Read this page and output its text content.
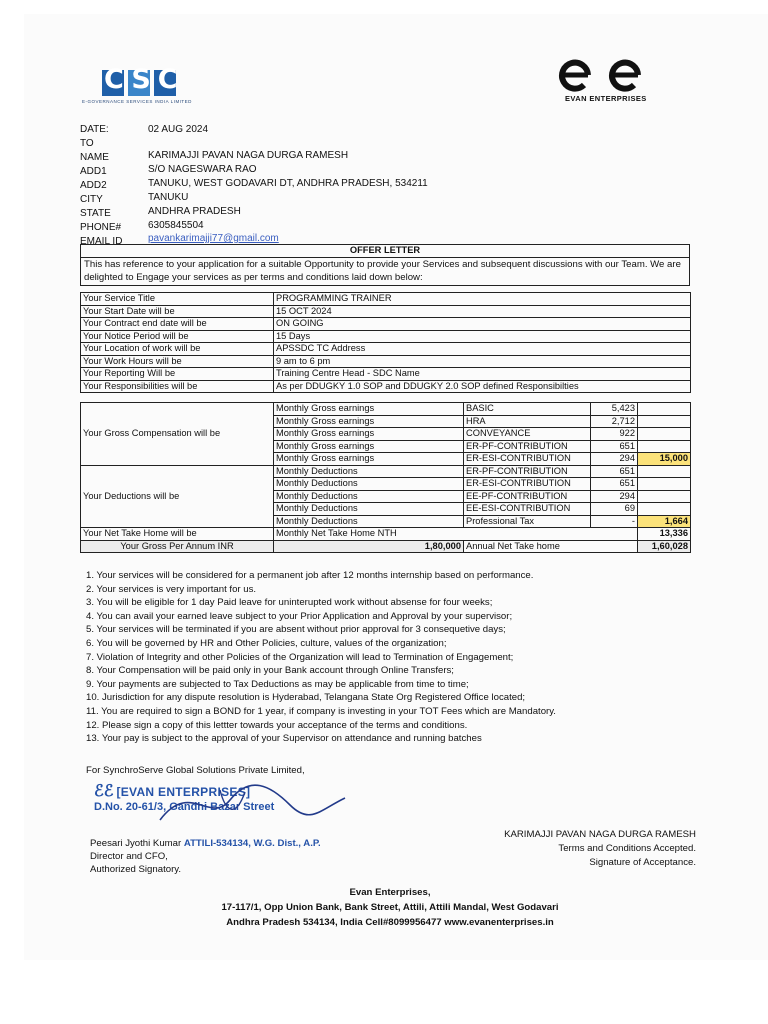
CSC
E-GOVERNANCE SERVICES INDIA LIMITED	EVAN ENTERPRISES
DATE:	02 AUG 2024
TO
NAME	KARIMAJJI PAVAN NAGA DURGA RAMESH
ADD1	S/O NAGESWARA RAO
ADD2	TANUKU, WEST GODAVARI DT, ANDHRA PRADESH, 534211
CITY	TANUKU
STATE	ANDHRA PRADESH
PHONE#	6305845504
EMAIL ID	pavankarimajji77@gmail.com
OFFER LETTER
This has reference to your application for a suitable Opportunity to provide your Services and subsequent discussions with our Team. We are delighted to Engage your services as per terms and conditions laid down below:
Your Service Title	PROGRAMMING TRAINER
Your Start Date will be	15 OCT 2024
Your Contract end date will be	ON GOING
Your Notice Period will be	15 Days
Your Location of work will be	APSSDC TC Address
Your Work Hours will be	9 am to 6 pm
Your Reporting Will be	Training Centre Head - SDC Name
Your Responsibilities will be	As per DDUGKY 1.0 SOP and DDUGKY 2.0 SOP defined Responsibilties
Your Gross Compensation will be	Monthly Gross earnings	BASIC	5,423	
	Monthly Gross earnings	HRA	2,712	
	Monthly Gross earnings	CONVEYANCE	922	
	Monthly Gross earnings	ER-PF-CONTRIBUTION	651	
	Monthly Gross earnings	ER-ESI-CONTRIBUTION	294	15,000
Your Deductions will be	Monthly Deductions	ER-PF-CONTRIBUTION	651	
	Monthly Deductions	ER-ESI-CONTRIBUTION	651	
	Monthly Deductions	EE-PF-CONTRIBUTION	294	
	Monthly Deductions	EE-ESI-CONTRIBUTION	69	
	Monthly Deductions	Professional Tax	-	1,664
Your Net Take Home will be	Monthly Net Take Home NTH			13,336
Your Gross Per Annum INR	1,80,000	Annual Net Take home		1,60,028
1. Your services will be considered for a permanent job after 12 months internship based on performance.
2. Your services is very important for us.
3. You will be eligible for 1 day Paid leave for uninterupted work without absense for four weeks;
4. You can avail your earned leave subject to your Prior Application and Approval by your supervisor;
5. Your services will be terminated if you are absent without prior approval for 3 consequetive days;
6. You will be governed by HR and Other Policies, culture, values of the organization;
7. Violation of Integrity and other Policies of the Organization will lead to Termination of Engagement;
8. Your Compensation will be paid only in your Bank account through Online Transfers;
9. Your payments are subjected to Tax Deductions as may be applicable from time to time;
10. Jurisdiction for any dispute resolution is Hyderabad, Telangana State Org Registered Office located;
11. You are required to sign a BOND for 1 year, if company is investing in your TOT Fees which are Mandatory.
12. Please sign a copy of this lettter towards your acceptance of the terms and conditions.
13. Your pay is subject to the approval of your Supervisor on attendance and running batches
For SynchroServe Global Solutions Private Limited,
ℰℰ [EVAN ENTERPRISES]
D.No. 20-61/3, Gandhi Bazar Street

Peesari Jyothi Kumar ATTILI-534134, W.G. Dist., A.P.
Director and CFO,
Authorized Signatory.
KARIMAJJI PAVAN NAGA DURGA RAMESH
Terms and Conditions Accepted.
Signature of Acceptance.
Evan Enterprises,
17-117/1, Opp Union Bank, Bank Street, Attili, Attili Mandal, West Godavari
Andhra Pradesh 534134, India Cell#8099956477 www.evanenterprises.in
